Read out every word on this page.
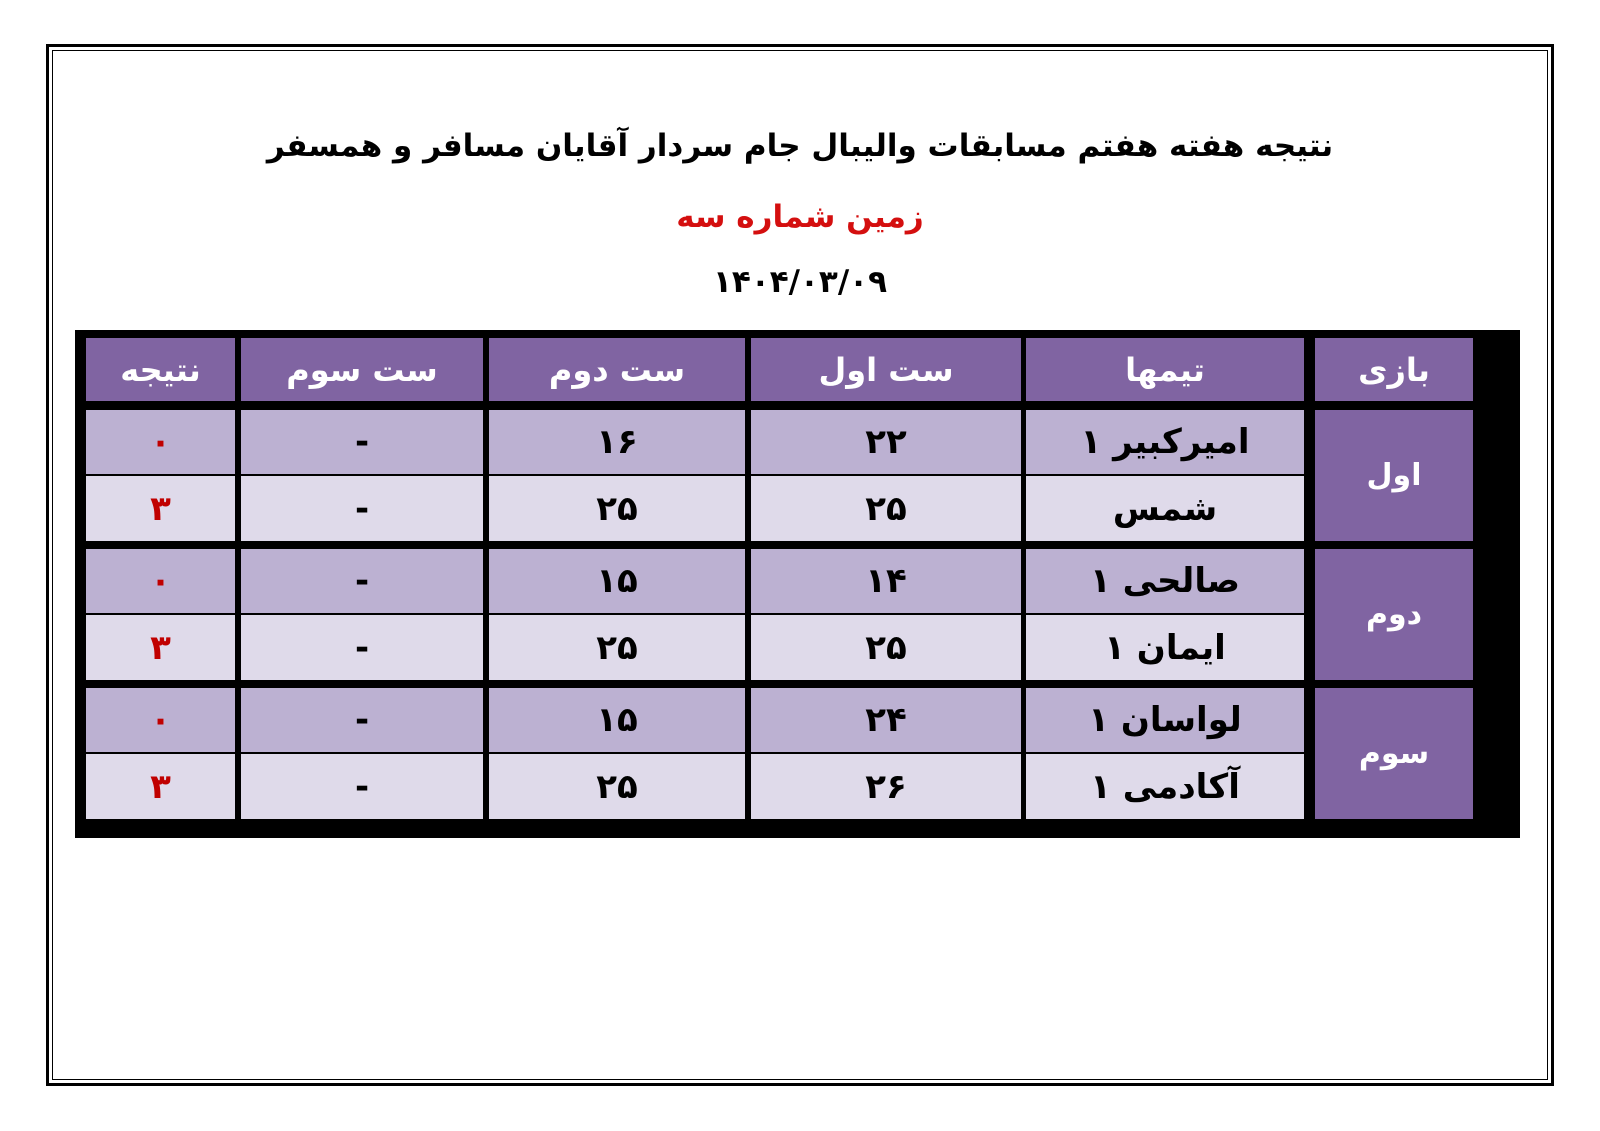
نتیجه هفته هفتم مسابقات والیبال جام سردار آقایان مسافر و همسفر
زمین شماره سه
۱۴۰۴/۰۳/۰۹
بازی
تیمها
ست اول
ست دوم
ست سوم
نتیجه
اول
امیرکبیر ۱
۲۲
۱۶
-
۰
شمس
۲۵
۲۵
-
۳
دوم
صالحی ۱
۱۴
۱۵
-
۰
ایمان ۱
۲۵
۲۵
-
۳
سوم
لواسان ۱
۲۴
۱۵
-
۰
آکادمی ۱
۲۶
۲۵
-
۳
